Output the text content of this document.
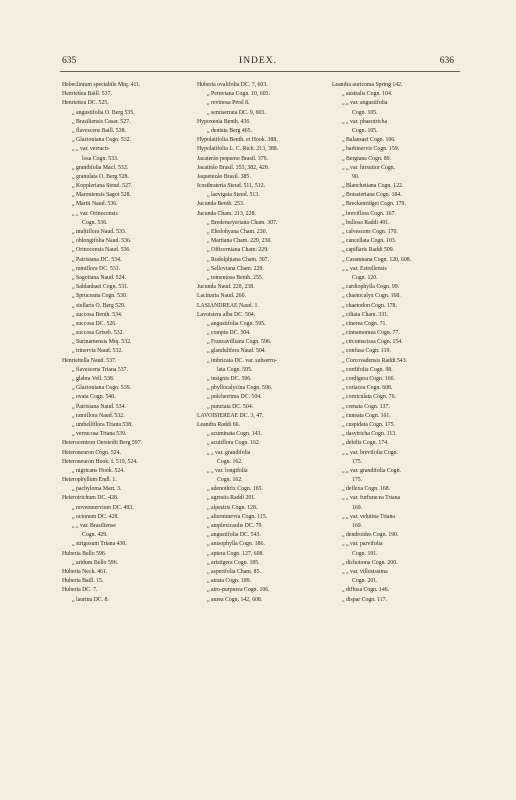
635	INDEX.	636
Hebeclinium spectabile Miq. 411.
Henriettea Baill. 537.
Henriettea DC. 525.
„ angustifolia O. Berg 535.
„ Brasiliensis Casar. 527.
„ flavescens Baill. 538.
„ Glaziouiana Cogn. 532.
„ „ var. verrucu-
losa Cogn. 533.
„ grandifolia Macf. 532.
„ granulata O. Berg 528.
„ Koppleriana Steud. 527.
„ Maroniensis Sagot 528.
„ Martii Naud. 536.
„ „ var. Orinocensis
Cogn. 536.
„ multiflora Naud. 533.
„ oblongifolia Naud. 536.
„ Orinocensis Naud. 536.
„ Patrisiana DC. 534.
„ ramiflora DC. 531.
„ Sagotiana Naud. 524.
„ Saldanhaei Cogn. 531.
„ Spruceana Cogn. 530.
„ stellaris O. Berg 529.
„ succosa Benth. 534.
„ succosa DC. 526.
„ succosa Griseb. 532.
„ Surinamensis Miq. 532.
„ trinervia Naud. 532.
Henriettella Naud. 537.
„ flavescens Triana 537.
„ glabra Vell. 538.
„ Glaziouiana Cogn. 539.
„ ovata Cogn. 540.
„ Patrisiana Naud. 534.
„ ramiflora Naud. 532.
„ umbelliflora Triana 538.
„ verrucosa Triana 539.
Heterocentron Oerstedii Berg 597.
Heteroneuron Cogn. 524.
Heteroneuron Hook. f. 519, 524.
„ nigricans Hook. 524.
Heterophyllum Endl. 1.
„ pachyloma Mart. 3.
Heterotrichum DC. 428.
„ novemnervium DC. 493.
„ octonum DC. 428.
„ „ var. Brasiliense
Cogn. 429.
„ strigosum Triana 430.
Huberia Bello 596.
„ aridum Bello 596.
Huberia Neck. 461.
Huberia Baill. 15.
Huberia DC. 7.
„ laurina DC. 8.
Huberia ovalifolia DC. 7, 603.
„ Peruviana Cogn. 10, 603.
„ revinosa Presl 8.
„ semiserrata DC. 9, 603.
Hypoxenia Benth. 436.
„ dentata Berg 465.
Hypolatifolia Benth. et Hook. 388.
Hypolatifolia L. C. Rich. 213, 388.
Jacaterão pequeno Brasil. 379.
Jacatirão Brasil. 353, 382, 420.
Jaquetezão Brasil. 385.
Icosthrateria Steud. 511, 512.
„ laevigata Steud. 513.
Jucunda Benth. 253.
Jucunda Cham. 213, 228.
„ Bredemeyeriana Cham. 307.
„ Eholohyana Cham. 230.
„ Martiana Cham. 229, 230.
„ Officerniana Cham. 229.
„ Rudolphiana Cham. 307.
„ Selloviana Cham. 229.
„ tomentosa Benth. 255.
Jucunda Naud. 228, 238.
Lacinaria Naud. 260.
LASIANDREAE Naud. 1.
Lavoisiera alba DC. 504.
„ angustifolia Cogn. 595.
„ compta DC. 504.
„ Francavilliana Cogn. 596.
„ glandulifera Naud. 504.
„ imbricata DC. var. subserru-
lata Cogn. 595.
„ insignis DC. 596.
„ phyllocalycina Cogn. 596.
„ pulcherrima DC. 504.
„ punctata DC. 504.
LAVOISIEREAE DC. 3, 47.
Leandra Raddi 66.
„ acuminata Cogn. 143.
„ acutiflora Cogn. 162.
„ „ var. grandifolia
Cogn. 162.
„ „ var. longifolia
Cogn. 162.
„ adenothrix Cogn. 165.
„ agrestis Raddi 201.
„ alpestris Cogn. 128.
„ alterninervia Cogn. 115.
„ amplexicaulis DC. 79.
„ angustifolia DC. 543.
„ anisophylla Cogn. 186.
„ aptera Cogn. 127, 608.
„ aristigera Cogn. 185.
„ asperifolia Cham. 85.
„ atrata Cogn. 189.
„ atro-purpurea Cogn. 106.
„ aurea Cogn. 142, 608.
Leandra auricoma Spring 142.
„ australis Cogn. 104.
„ „ var. angustifolia
Cogn. 105.
„ „ var. phaeotricha
Cogn. 105.
„ Balansaei Cogn. 106.
„ barbinervis Cogn. 159.
„ Bergiana Cogn. 89.
„ „ var. hirsutior Cogn.
90.
„ Blanchetiana Cogn. 122.
„ Boissieriana Cogn. 184.
„ Breckenridgei Cogn. 179.
„ breviflora Cogn. 167.
„ bullosa Raddi 491.
„ calvescens Cogn. 170.
„ cancellata Cogn. 103.
„ capillaris Raddi 509.
„ Caramuana Cogn. 120, 608.
„ „ var. Estrellensis
Cogn. 120.
„ cardiophylla Cogn. 99.
„ chaetocalyx Cogn. 168.
„ chaetodon Cogn. 178.
„ ciliata Cham. 331.
„ cinerea Cogn. 71.
„ cinnamomea Cogn. 77.
„ circumscissa Cogn. 154.
„ confusa Cogn. 119.
„ Corcovadensis Raddi 543.
„ cordifolia Cogn. 98.
„ cordigera Cogn. 166.
„ coriacea Cogn. 608.
„ corniculata Cogn. 76.
„ crenata Cogn. 137.
„ cuneata Cogn. 161.
„ cuspidata Cogn. 175.
„ dasytricha Cogn. 113.
„ debilis Cogn. 174.
„ „ var. brevifolia Cogn.
175.
„ „ var. grandifolia Cogn.
175.
„ deflexa Cogn. 168.
„ „ var. furfuracea Triana
169.
„ „ var. velutina Triana
169.
„ dendroides Cogn. 190.
„ „ var. parvifolia
Cogn. 191.
„ dichotoma Cogn. 200.
„ „ var. villosissima
Cogn. 201.
„ diffusa Cogn. 146.
„ dispar Cogn. 117.
